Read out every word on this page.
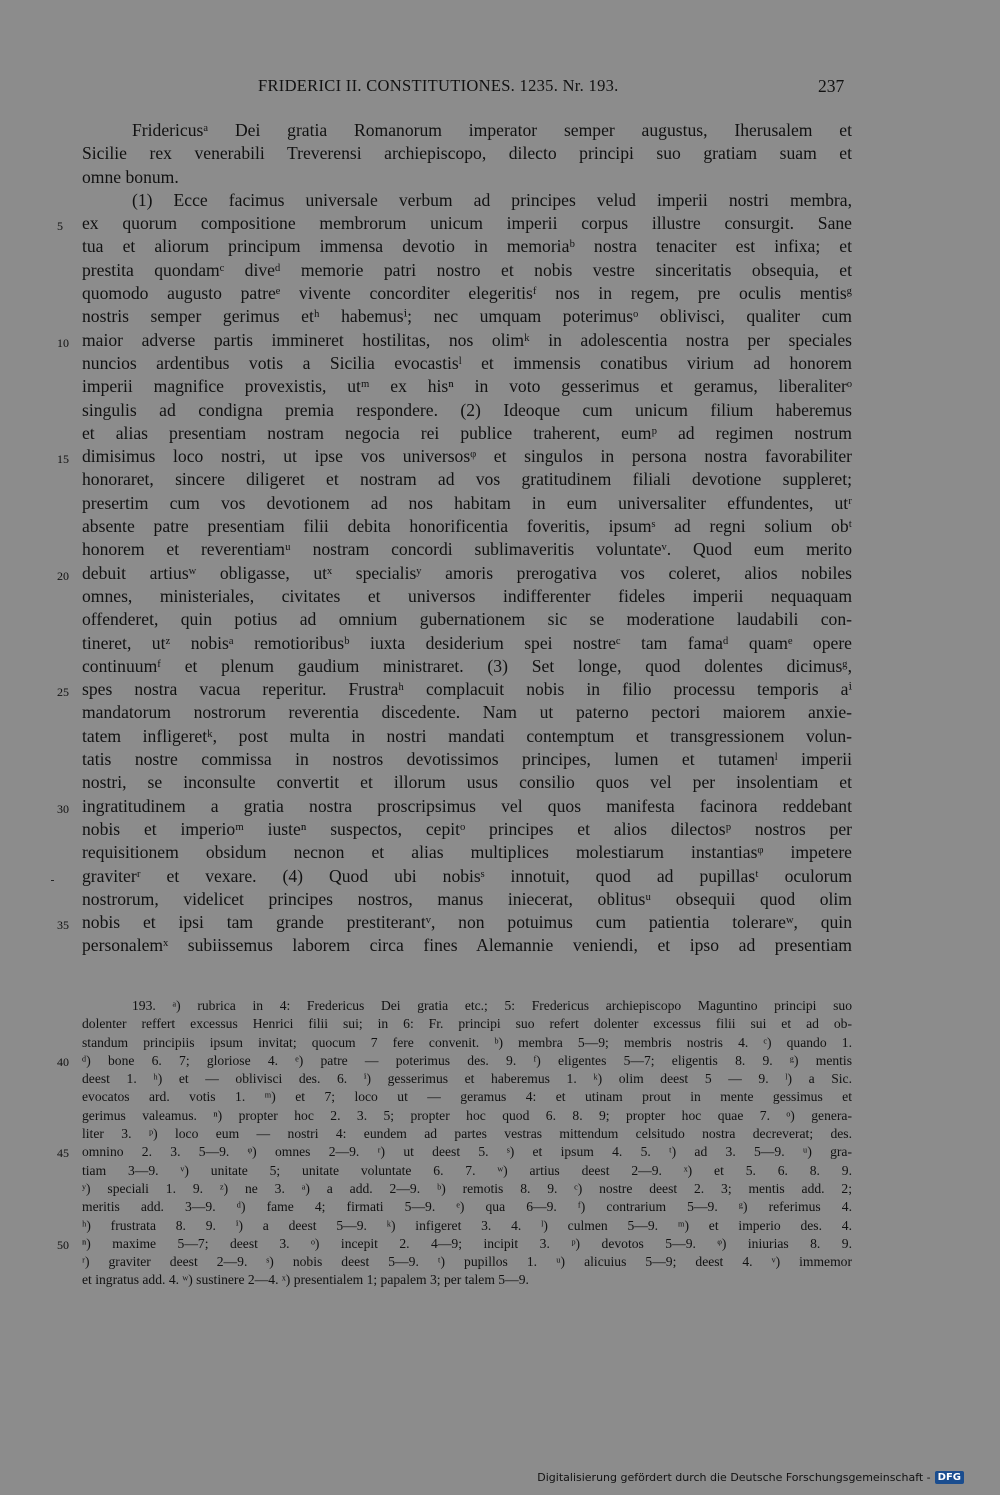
FRIDERICI II. CONSTITUTIONES. 1235. Nr. 193.	237
Fridericusᵃ Dei gratia Romanorum imperator semper augustus, Iherusalem et
Sicilie rex venerabili Treverensi archiepiscopo, dilecto principi suo gratiam suam et
omne bonum.
(1) Ecce facimus universale verbum ad principes velud imperii nostri membra,
5 ex quorum compositione membrorum unicum imperii corpus illustre consurgit. Sane
tua et aliorum principum immensa devotio in memoriaᵇ nostra tenaciter est infixa; et
prestita quondamᶜ diveᵈ memorie patri nostro et nobis vestre sinceritatis obsequia, et
quomodo augusto patreᵉ vivente concorditer elegeritisᶠ nos in regem, pre oculis mentisᵍ
nostris semper gerimus etʰ habemusⁱ; nec umquam poterimusᵒ oblivisci, qualiter cum
10 maior adverse partis immineret hostilitas, nos olimᵏ in adolescentia nostra per speciales
nuncios ardentibus votis a Sicilia evocastisˡ et immensis conatibus virium ad honorem
imperii magnifice provexistis, utᵐ ex hisⁿ in voto gesserimus et geramus, liberaliterᵒ
singulis ad condigna premia respondere. (2) Ideoque cum unicum filium haberemus
et alias presentiam nostram negocia rei publice traherent, eumᵖ ad regimen nostrum
15 dimisimus loco nostri, ut ipse vos universosᵠ et singulos in persona nostra favorabiliter
honoraret, sincere diligeret et nostram ad vos gratitudinem filiali devotione suppleret;
presertim cum vos devotionem ad nos habitam in eum universaliter effundentes, utʳ
absente patre presentiam filii debita honorificentia foveritis, ipsumˢ ad regni solium obᵗ
honorem et reverentiamᵘ nostram concordi sublimaveritis voluntateᵛ. Quod eum merito
20 debuit artiusʷ obligasse, utˣ specialisʸ amoris prerogativa vos coleret, alios nobiles
omnes, ministeriales, civitates et universos indifferenter fideles imperii nequaquam
offenderet, quin potius ad omnium gubernationem sic se moderatione laudabili con-
tineret, utᶻ nobisᵃ remotioribusᵇ iuxta desiderium spei nostreᶜ tam famaᵈ quamᵉ opere
continuumᶠ et plenum gaudium ministraret. (3) Set longe, quod dolentes dicimusᵍ,
25 spes nostra vacua reperitur. Frustraʰ complacuit nobis in filio processu temporis aⁱ
mandatorum nostrorum reverentia discedente. Nam ut paterno pectori maiorem anxie-
tatem infligeretᵏ, post multa in nostri mandati contemptum et transgressionem volun-
tatis nostre commissa in nostros devotissimos principes, lumen et tutamenˡ imperii
nostri, se inconsulte convertit et illorum usus consilio quos vel per insolentiam et
30 ingratitudinem a gratia nostra proscripsimus vel quos manifesta facinora reddebant
nobis et imperioᵐ iusteⁿ suspectos, cepitᵒ principes et alios dilectosᵖ nostros per
requisitionem obsidum necnon et alias multiplices molestiarum instantiasᵠ impetere
graviterʳ et vexare. (4) Quod ubi nobisˢ innotuit, quod ad pupillasᵗ oculorum
nostrorum, videlicet principes nostros, manus iniecerat, oblitusᵘ obsequii quod olim
35 nobis et ipsi tam grande prestiterantᵛ, non potuimus cum patientia tolerareʷ, quin
personalemˣ subiissemus laborem circa fines Alemannie veniendi, et ipso ad presentiam
193. ᵃ) rubrica in 4: Fredericus Dei gratia etc.; 5: Fredericus archiepiscopo Maguntino principi suo
dolenter reffert excessus Henrici filii sui; in 6: Fr. principi suo refert dolenter excessus filii sui et ad ob-
standum principiis ipsum invitat; quocum 7 fere convenit. ᵇ) membra 5—9; membris nostris 4. ᶜ) quando 1.
40 ᵈ) bone 6. 7; gloriose 4. ᵉ) patre — poterimus des. 9. ᶠ) eligentes 5—7; eligentis 8. 9. ᵍ) mentis
deest 1. ʰ) et — oblivisci des. 6. ⁱ) gesserimus et haberemus 1. ᵏ) olim deest 5 — 9. ˡ) a Sic.
evocatos ard. votis 1. ᵐ) et 7; loco ut — geramus 4: et utinam prout in mente gessimus et
gerimus valeamus. ⁿ) propter hoc 2. 3. 5; propter hoc quod 6. 8. 9; propter hoc quae 7. ᵒ) genera-
liter 3. ᵖ) loco eum — nostri 4: eundem ad partes vestras mittendum celsitudo nostra decreverat; des.
45 omnino 2. 3. 5—9. ᵠ) omnes 2—9. ʳ) ut deest 5. ˢ) et ipsum 4. 5. ᵗ) ad 3. 5—9. ᵘ) gra-
tiam 3—9. ᵛ) unitate 5; unitate voluntate 6. 7. ʷ) artius deest 2—9. ˣ) et 5. 6. 8. 9.
ʸ) speciali 1. 9. ᶻ) ne 3. ᵃ) a add. 2—9. ᵇ) remotis 8. 9. ᶜ) nostre deest 2. 3; mentis add. 2;
meritis add. 3—9. ᵈ) fame 4; firmati 5—9. ᵉ) qua 6—9. ᶠ) contrarium 5—9. ᵍ) referimus 4.
ʰ) frustrata 8. 9. ⁱ) a deest 5—9. ᵏ) infigeret 3. 4. ˡ) culmen 5—9. ᵐ) et imperio des. 4.
50 ⁿ) maxime 5—7; deest 3. ᵒ) incepit 2. 4—9; incipit 3. ᵖ) devotos 5—9. ᵠ) iniurias 8. 9.
ʳ) graviter deest 2—9. ˢ) nobis deest 5—9. ᵗ) pupillos 1. ᵘ) alicuius 5—9; deest 4. ᵛ) immemor
et ingratus add. 4. ʷ) sustinere 2—4. ˣ) presentialem 1; papalem 3; per talem 5—9.
Digitalisierung gefördert durch die Deutsche Forschungsgemeinschaft - DFG
